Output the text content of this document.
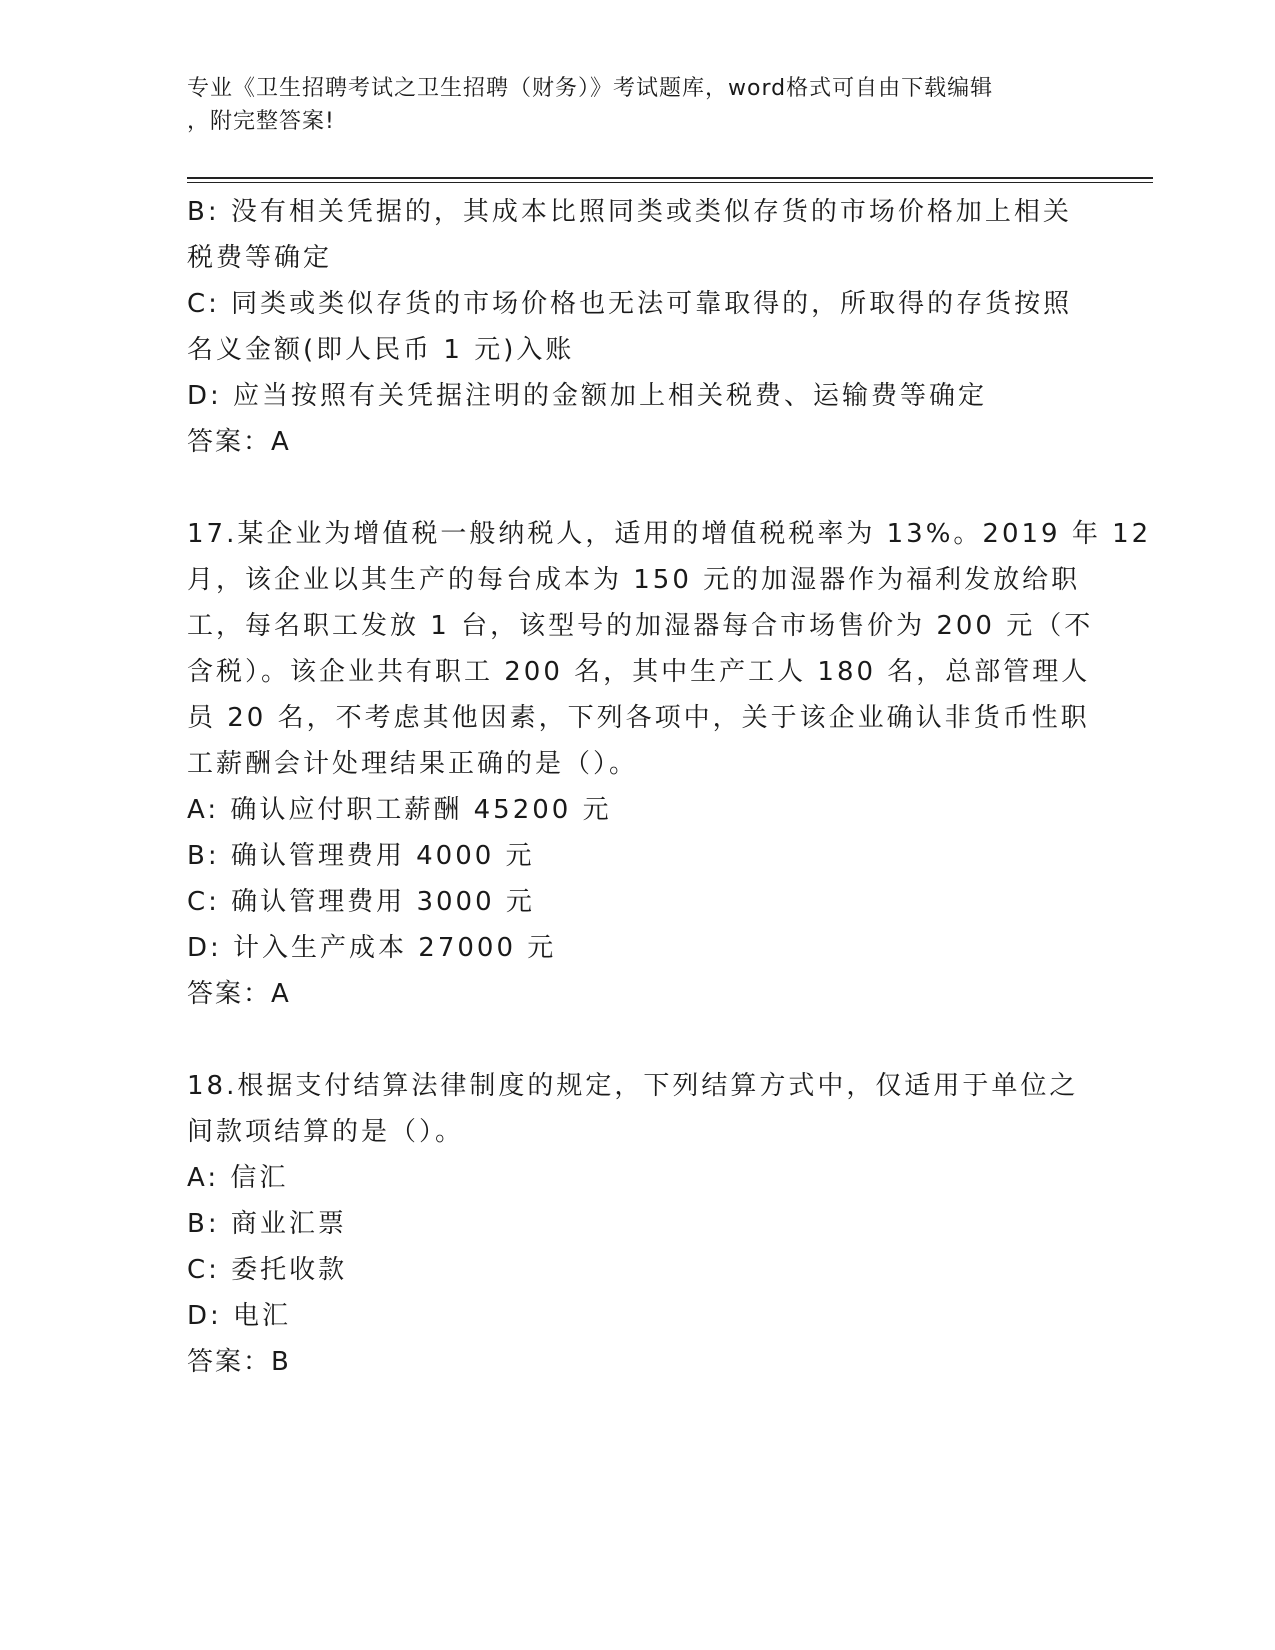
专业《卫生招聘考试之卫生招聘（财务）》考试题库，word格式可自由下载编辑
，附完整答案!

B: 没有相关凭据的，其成本比照同类或类似存货的市场价格加上相关

税费等确定

C: 同类或类似存货的市场价格也无法可靠取得的，所取得的存货按照

名义金额(即人民币 1 元)入账

D: 应当按照有关凭据注明的金额加上相关税费、运输费等确定

答案：A

17.某企业为增值税一般纳税人，适用的增值税税率为 13%。2019 年 12

月，该企业以其生产的每台成本为 150 元的加湿器作为福利发放给职

工，每名职工发放 1 台，该型号的加湿器每合市场售价为 200 元（不

含税）。该企业共有职工 200 名，其中生产工人 180 名，总部管理人

员 20 名，不考虑其他因素，下列各项中，关于该企业确认非货币性职

工薪酬会计处理结果正确的是（）。

A: 确认应付职工薪酬 45200 元

B: 确认管理费用 4000 元

C: 确认管理费用 3000 元

D: 计入生产成本 27000 元

答案：A

18.根据支付结算法律制度的规定，下列结算方式中，仅适用于单位之

间款项结算的是（）。

A: 信汇

B: 商业汇票

C: 委托收款

D: 电汇

答案：B
